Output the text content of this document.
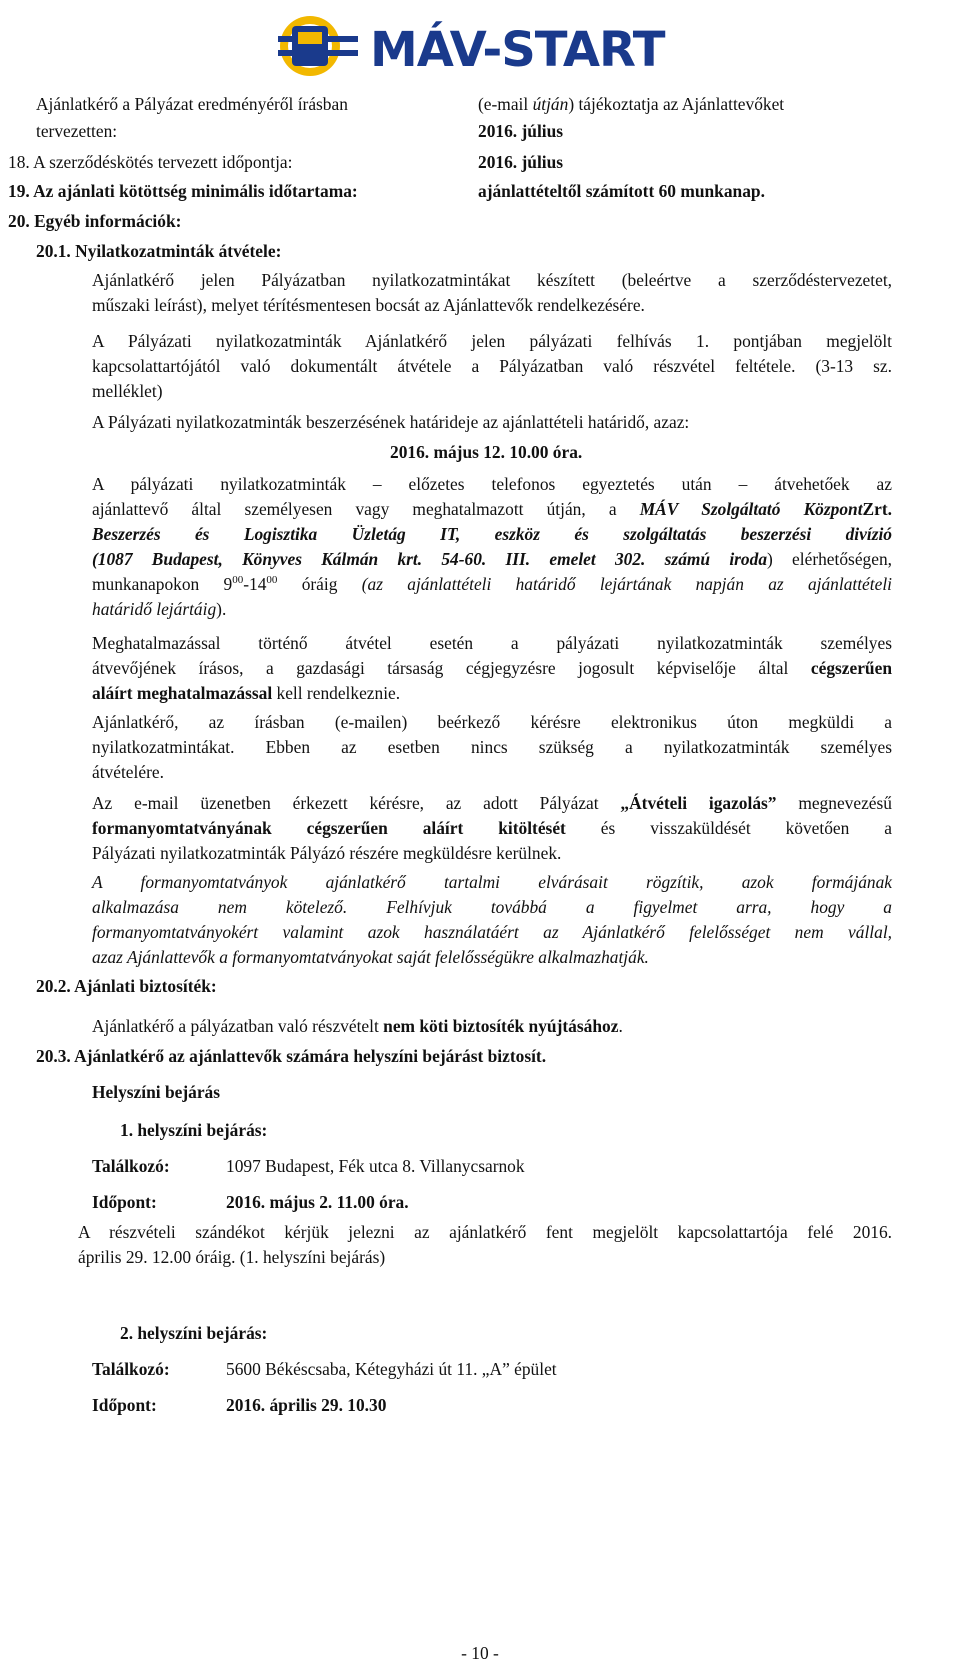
MÁV-START
Ajánlatkérő a Pályázat eredményéről írásban	(e-mail útján) tájékoztatja az Ajánlattevőket
tervezetten:	2016. július
18. A szerződéskötés tervezett időpontja:	2016. július
19. Az ajánlati kötöttség minimális időtartama:	ajánlattételtől számított 60 munkanap.
20. Egyéb információk:
20.1. Nyilatkozatminták átvétele:
Ajánlatkérő jelen Pályázatban nyilatkozatmintákat készített (beleértve a szerződéstervezetet,
műszaki leírást), melyet térítésmentesen bocsát az Ajánlattevők rendelkezésére.
A Pályázati nyilatkozatminták Ajánlatkérő jelen pályázati felhívás 1. pontjában megjelölt
kapcsolattartójától való dokumentált átvétele a Pályázatban való részvétel feltétele. (3-13 sz.
melléklet)
A Pályázati nyilatkozatminták beszerzésének határideje az ajánlattételi határidő, azaz:
2016. május 12. 10.00 óra.
A pályázati nyilatkozatminták – előzetes telefonos egyeztetés után – átvehetőek az
ajánlattevő által személyesen vagy meghatalmazott útján, a MÁV Szolgáltató KözpontZrt.
Beszerzés és Logisztika Üzletág IT, eszköz és szolgáltatás beszerzési divízió
(1087 Budapest, Könyves Kálmán krt. 54-60. III. emelet 302. számú iroda) elérhetőségen,
munkanapokon $9^{00}-14^{00}$ óráig (az ajánlattételi határidő lejártának napján az ajánlattételi
határidő lejártáig).
Meghatalmazással történő átvétel esetén a pályázati nyilatkozatminták személyes
átvevőjének írásos, a gazdasági társaság cégjegyzésre jogosult képviselője által cégszerűen
aláírt meghatalmazással kell rendelkeznie.
Ajánlatkérő, az írásban (e-mailen) beérkező kérésre elektronikus úton megküldi a
nyilatkozatmintákat. Ebben az esetben nincs szükség a nyilatkozatminták személyes
átvételére.
Az e-mail üzenetben érkezett kérésre, az adott Pályázat „Átvételi igazolás” megnevezésű
formanyomtatványának cégszerűen aláírt kitöltését és visszaküldését követően a
Pályázati nyilatkozatminták Pályázó részére megküldésre kerülnek.
A formanyomtatványok ajánlatkérő tartalmi elvárásait rögzítik, azok formájának
alkalmazása nem kötelező. Felhívjuk továbbá a figyelmet arra, hogy a
formanyomtatványokért valamint azok használatáért az Ajánlatkérő felelősséget nem vállal,
azaz Ajánlattevők a formanyomtatványokat saját felelősségükre alkalmazhatják.
20.2. Ajánlati biztosíték:
Ajánlatkérő a pályázatban való részvételt nem köti biztosíték nyújtásához.
20.3. Ajánlatkérő az ajánlattevők számára helyszíni bejárást biztosít.
Helyszíni bejárás
1. helyszíni bejárás:
Találkozó:	1097 Budapest, Fék utca 8. Villanycsarnok
Időpont:	2016. május 2. 11.00 óra.
A részvételi szándékot kérjük jelezni az ajánlatkérő fent megjelölt kapcsolattartója felé 2016.
április 29. 12.00 óráig. (1. helyszíni bejárás)
2. helyszíni bejárás:
Találkozó:	5600 Békéscsaba, Kétegyházi út 11. „A” épület
Időpont:	2016. április 29. 10.30
- 10 -
